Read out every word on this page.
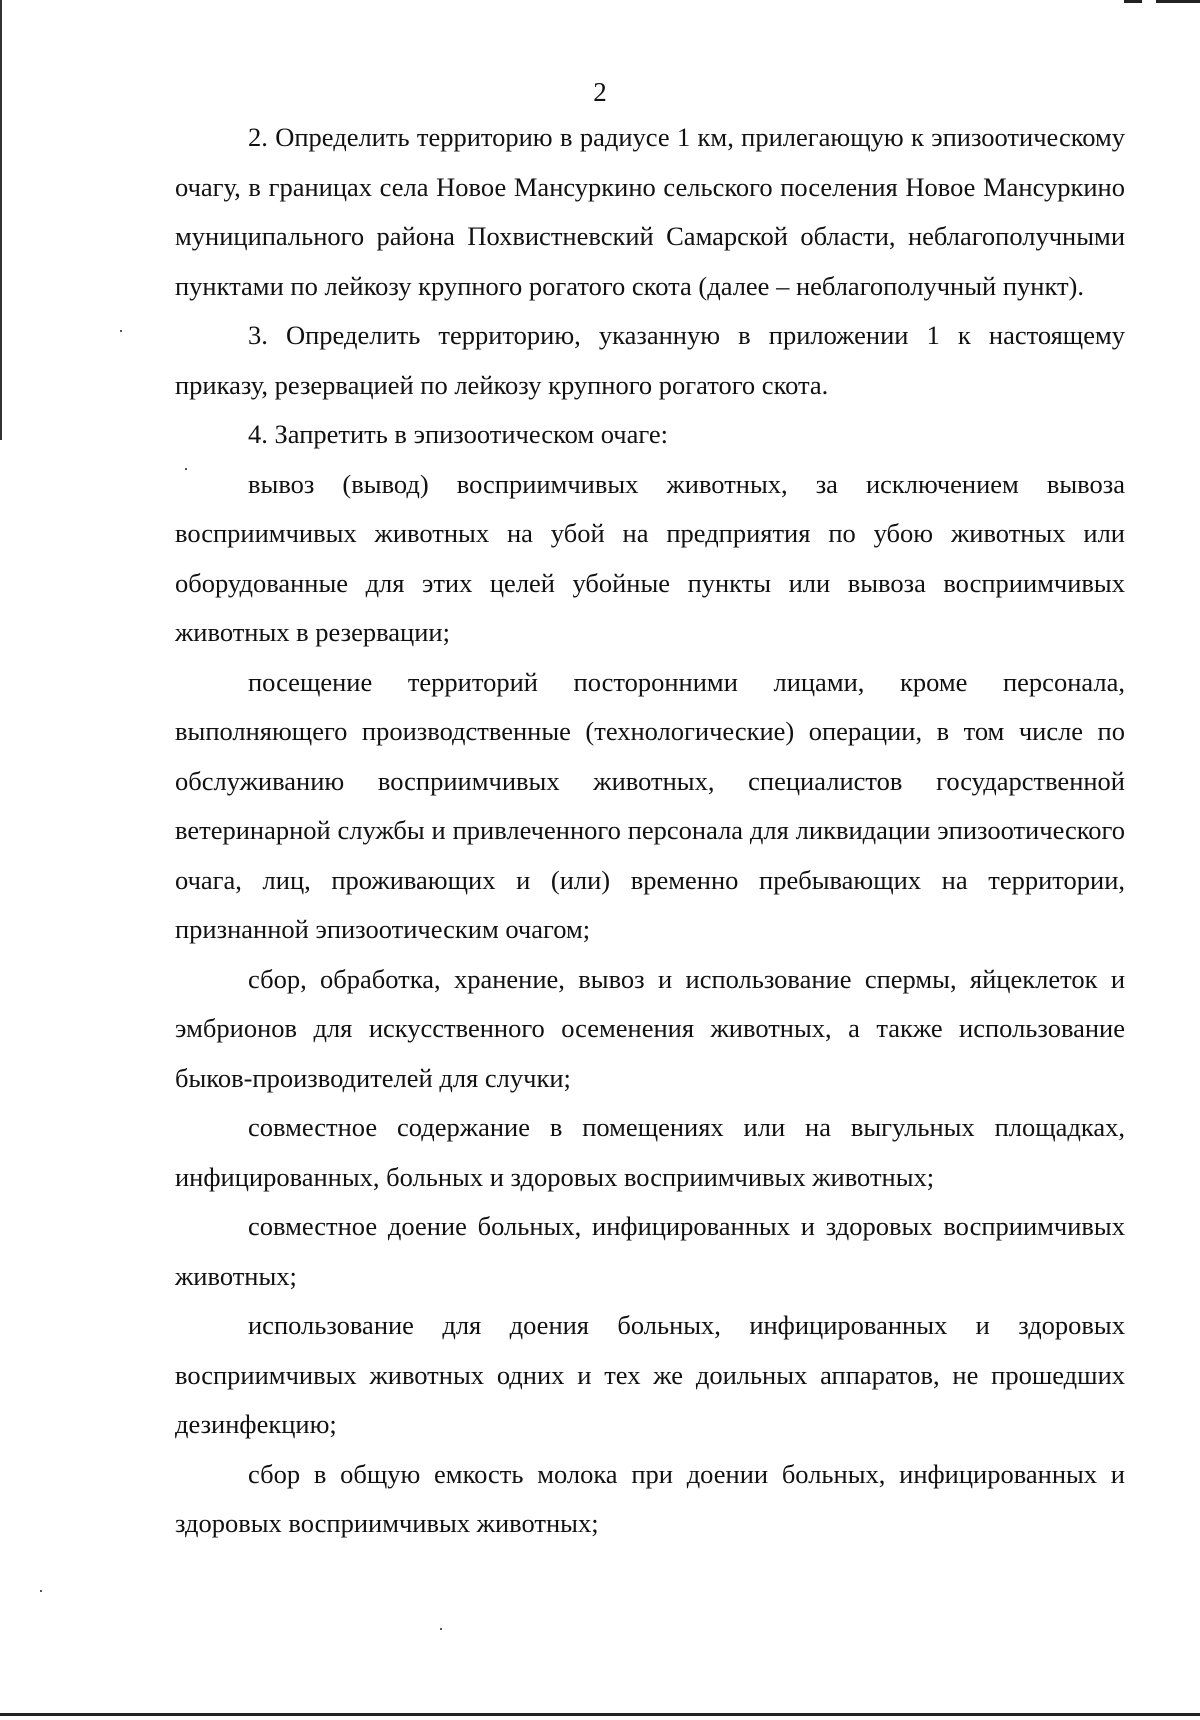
2

2. Определить территорию в радиусе 1 км, прилегающую к эпизоотическому очагу, в границах села Новое Мансуркино сельского поселения Новое Мансуркино муниципального района Похвистневский Самарской области, неблагополучными пунктами по лейкозу крупного рогатого скота (далее – неблагополучный пункт).

3. Определить территорию, указанную в приложении 1 к настоящему приказу, резервацией по лейкозу крупного рогатого скота.

4. Запретить в эпизоотическом очаге:

вывоз (вывод) восприимчивых животных, за исключением вывоза восприимчивых животных на убой на предприятия по убою животных или оборудованные для этих целей убойные пункты или вывоза восприимчивых животных в резервации;

посещение территорий посторонними лицами, кроме персонала, выполняющего производственные (технологические) операции, в том числе по обслуживанию восприимчивых животных, специалистов государственной ветеринарной службы и привлеченного персонала для ликвидации эпизоотического очага, лиц, проживающих и (или) временно пребывающих на территории, признанной эпизоотическим очагом;

сбор, обработка, хранение, вывоз и использование спермы, яйцеклеток и эмбрионов для искусственного осеменения животных, а также использование быков-производителей для случки;

совместное содержание в помещениях или на выгульных площадках, инфицированных, больных и здоровых восприимчивых животных;

совместное доение больных, инфицированных и здоровых восприимчивых животных;

использование для доения больных, инфицированных и здоровых восприимчивых животных одних и тех же доильных аппаратов, не прошедших дезинфекцию;

сбор в общую емкость молока при доении больных, инфицированных и здоровых восприимчивых животных;
